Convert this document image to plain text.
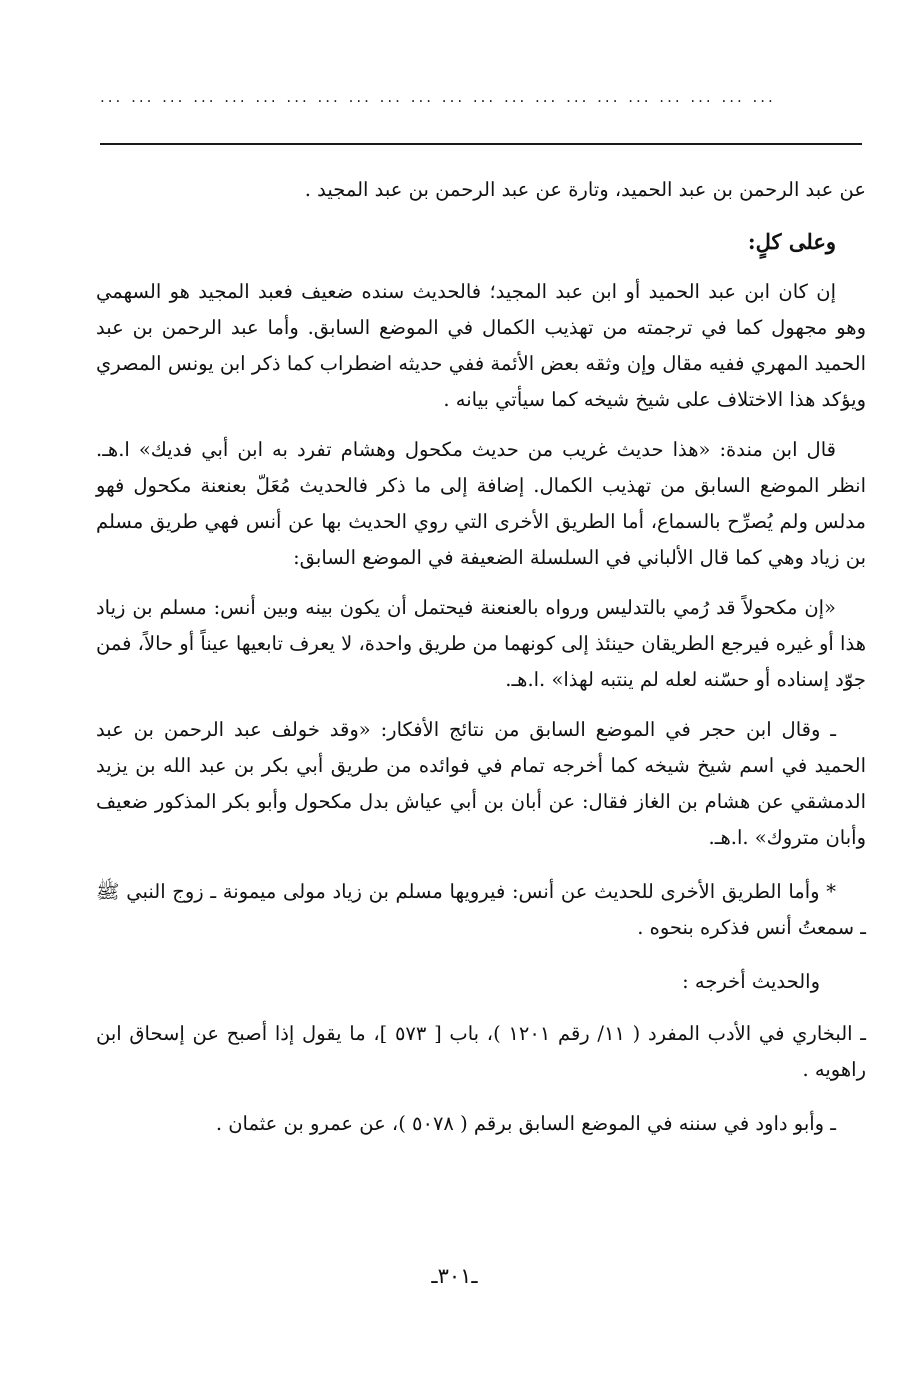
... ... ... ... ... ... ... ... ... ... ... ... ... ... ... ... ... ... ... ... ... ...

عن عبد الرحمن بن عبد الحميد، وتارة عن عبد الرحمن بن عبد المجيد .

وعلى كلٍ:

إن كان ابن عبد الحميد أو ابن عبد المجيد؛ فالحديث سنده ضعيف فعبد المجيد هو السهمي وهو مجهول كما في ترجمته من تهذيب الكمال في الموضع السابق. وأما عبد الرحمن بن عبد الحميد المهري ففيه مقال وإن وثقه بعض الأئمة ففي حديثه اضطراب كما ذكر ابن يونس المصري ويؤكد هذا الاختلاف على شيخ شيخه كما سيأتي بيانه .

قال ابن مندة: «هذا حديث غريب من حديث مكحول وهشام تفرد به ابن أبي فديك» ا.هـ. انظر الموضع السابق من تهذيب الكمال. إضافة إلى ما ذكر فالحديث مُعَلّ بعنعنة مكحول فهو مدلس ولم يُصرِّح بالسماع، أما الطريق الأخرى التي روي الحديث بها عن أنس فهي طريق مسلم بن زياد وهي كما قال الألباني في السلسلة الضعيفة في الموضع السابق:

«إن مكحولاً قد رُمي بالتدليس ورواه بالعنعنة فيحتمل أن يكون بينه وبين أنس: مسلم بن زياد هذا أو غيره فيرجع الطريقان حينئذ إلى كونهما من طريق واحدة، لا يعرف تابعيها عيناً أو حالاً، فمن جوّد إسناده أو حسّنه لعله لم ينتبه لهذا» .ا.هـ.

ـ وقال ابن حجر في الموضع السابق من نتائج الأفكار: «وقد خولف عبد الرحمن بن عبد الحميد في اسم شيخ شيخه كما أخرجه تمام في فوائده من طريق أبي بكر بن عبد الله بن يزيد الدمشقي عن هشام بن الغاز فقال: عن أبان بن أبي عياش بدل مكحول وأبو بكر المذكور ضعيف وأبان متروك» .ا.هـ.

* وأما الطريق الأخرى للحديث عن أنس: فيرويها مسلم بن زياد مولى ميمونة ـ زوج النبي ﷺ ـ سمعتُ أنس فذكره بنحوه .

والحديث أخرجه :

ـ البخاري في الأدب المفرد ( ١١/ رقم ١٢٠١ )، باب [ ٥٧٣ ]، ما يقول إذا أصبح عن إسحاق ابن راهويه .

ـ وأبو داود في سننه في الموضع السابق برقم ( ٥٠٧٨ )، عن عمرو بن عثمان .

ـ٣٠١ـ
